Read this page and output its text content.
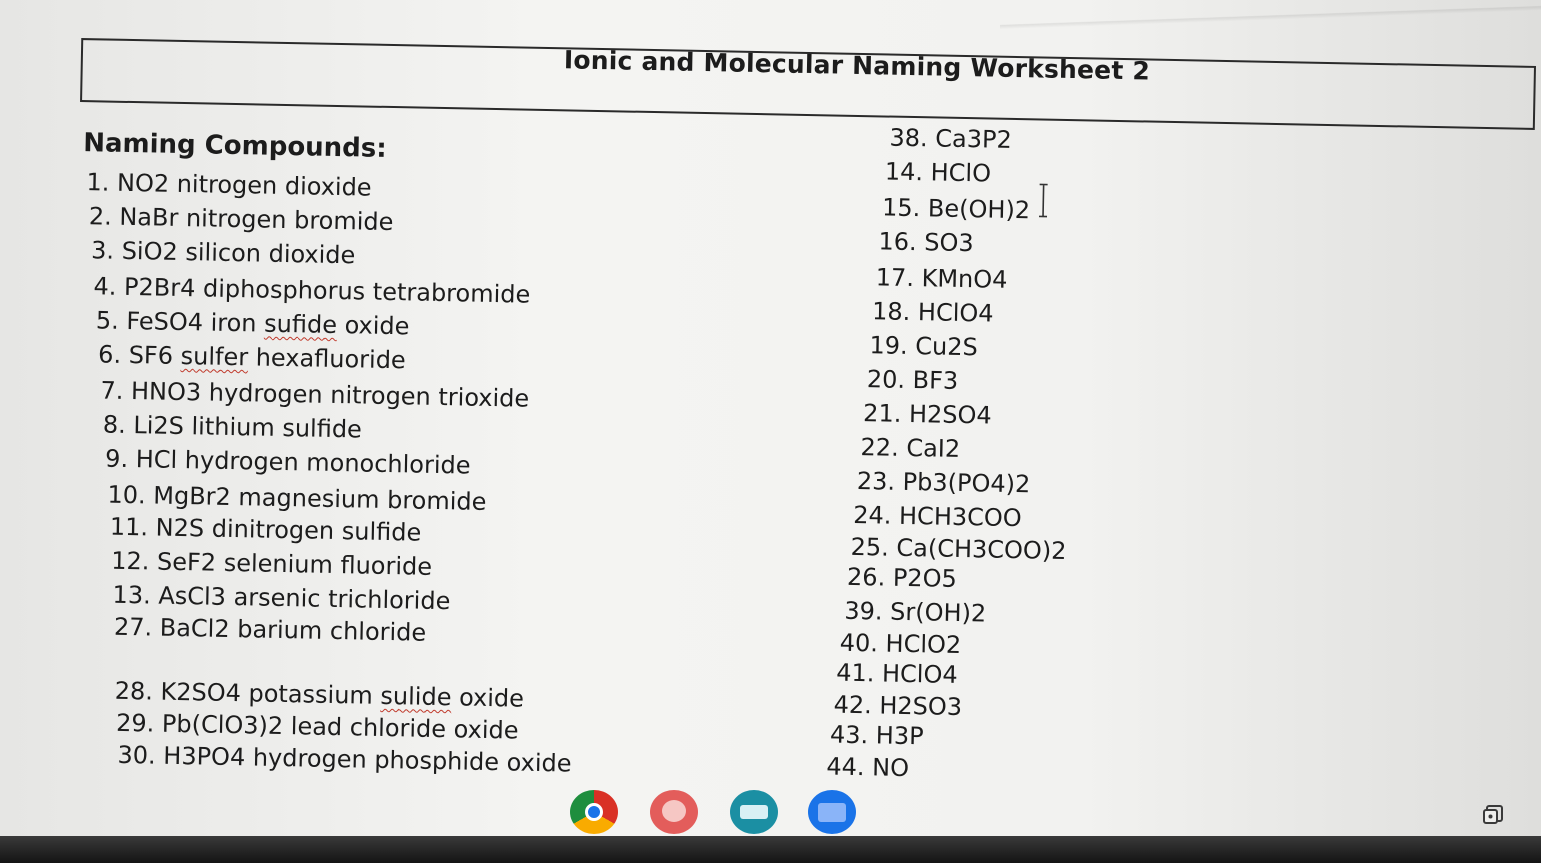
Ionic and Molecular Naming Worksheet 2
Naming Compounds:
1. NO2 nitrogen dioxide
2. NaBr nitrogen bromide
3. SiO2 silicon dioxide
4. P2Br4 diphosphorus tetrabromide
5. FeSO4 iron sufide oxide
6. SF6 sulfer hexafluoride
7. HNO3 hydrogen nitrogen trioxide
8. Li2S lithium sulfide
9. HCl hydrogen monochloride
10. MgBr2 magnesium bromide
11. N2S dinitrogen sulfide
12. SeF2 selenium fluoride
13. AsCl3 arsenic trichloride
27. BaCl2 barium chloride
28. K2SO4 potassium sulide oxide
29. Pb(ClO3)2 lead chloride oxide
30. H3PO4 hydrogen phosphide oxide
38. Ca3P2
14. HClO
15. Be(OH)2
16. SO3
17. KMnO4
18. HClO4
19. Cu2S
20. BF3
21. H2SO4
22. CaI2
23. Pb3(PO4)2
24. HCH3COO
25. Ca(CH3COO)2
26. P2O5
39. Sr(OH)2
40. HClO2
41. HClO4
42. H2SO3
43. H3P
44. NO
